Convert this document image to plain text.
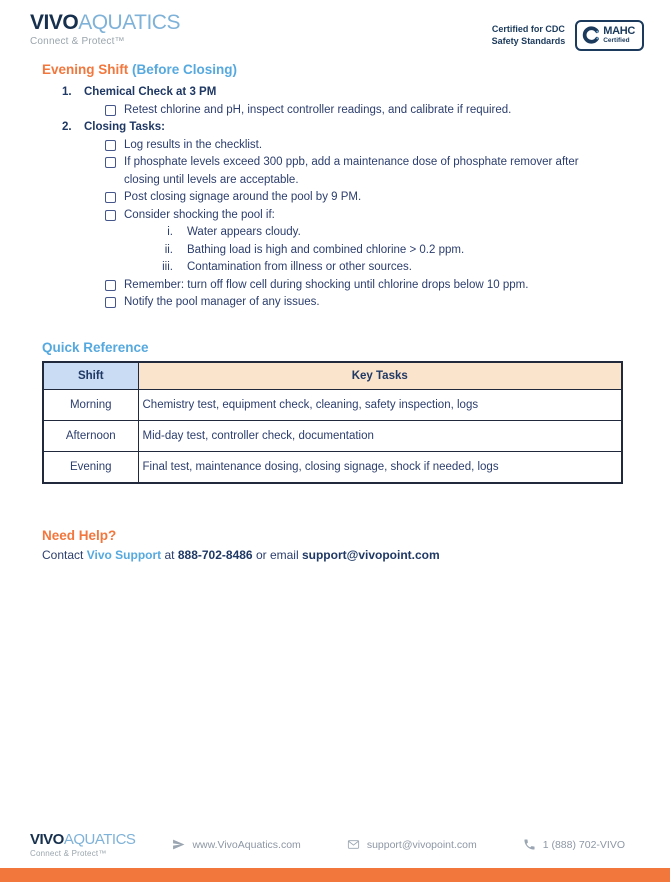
VIVOAQUATICS
Connect & Protect™
Certified for CDC
Safety Standards
MAHC
Certified
Evening Shift (Before Closing)
1.	Chemical Check at 3 PM
Retest chlorine and pH, inspect controller readings, and calibrate if required.
2.	Closing Tasks:
Log results in the checklist.
If phosphate levels exceed 300 ppb, add a maintenance dose of phosphate remover after closing until levels are acceptable.
Post closing signage around the pool by 9 PM.
Consider shocking the pool if:
i. Water appears cloudy.
ii. Bathing load is high and combined chlorine > 0.2 ppm.
iii. Contamination from illness or other sources.
Remember: turn off flow cell during shocking until chlorine drops below 10 ppm.
Notify the pool manager of any issues.
Quick Reference
Shift	Key Tasks
Morning	Chemistry test, equipment check, cleaning, safety inspection, logs
Afternoon	Mid-day test, controller check, documentation
Evening	Final test, maintenance dosing, closing signage, shock if needed, logs
Need Help?
Contact Vivo Support at 888-702-8486 or email support@vivopoint.com
VIVOAQUATICS
Connect & Protect™
www.VivoAquatics.com	support@vivopoint.com	1 (888) 702-VIVO
